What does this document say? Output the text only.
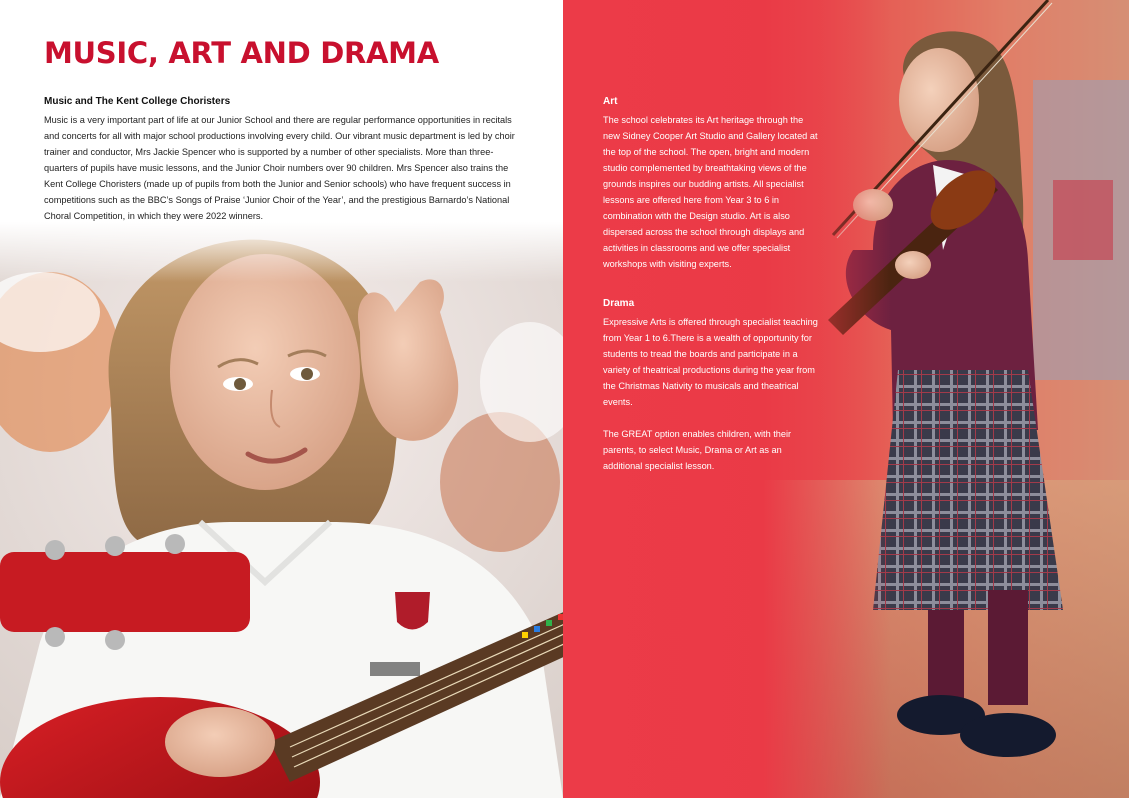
MUSIC, ART AND DRAMA
Music and The Kent College Choristers

Music is a very important part of life at our Junior School and there are regular performance opportunities in recitals and concerts for all with major school productions involving every child. Our vibrant music department is led by choir trainer and conductor, Mrs Jackie Spencer who is supported by a number of other specialists. More than three-quarters of pupils have music lessons, and the Junior Choir numbers over 90 children. Mrs Spencer also trains the Kent College Choristers (made up of pupils from both the Junior and Senior schools) who have frequent success in competitions such as the BBC’s Songs of Praise ‘Junior Choir of the Year’, and the prestigious Barnardo’s National Choral Competition, in which they were 2022 winners.

Art

The school celebrates its Art heritage through the new Sidney Cooper Art Studio and Gallery located at the top of the school. The open, bright and modern studio complemented by breathtaking views of the grounds inspires our budding artists. All specialist lessons are offered here from Year 3 to 6 in combination with the Design studio. Art is also dispersed across the school through displays and activities in classrooms and we offer specialist workshops with visiting experts.

Drama

Expressive Arts is offered through specialist teaching from Year 1 to 6.There is a wealth of opportunity for students to tread the boards and participate in a variety of theatrical productions during the year from the Christmas Nativity to musicals and theatrical events.

The GREAT option enables children, with their parents, to select Music, Drama or Art as an additional specialist lesson.
